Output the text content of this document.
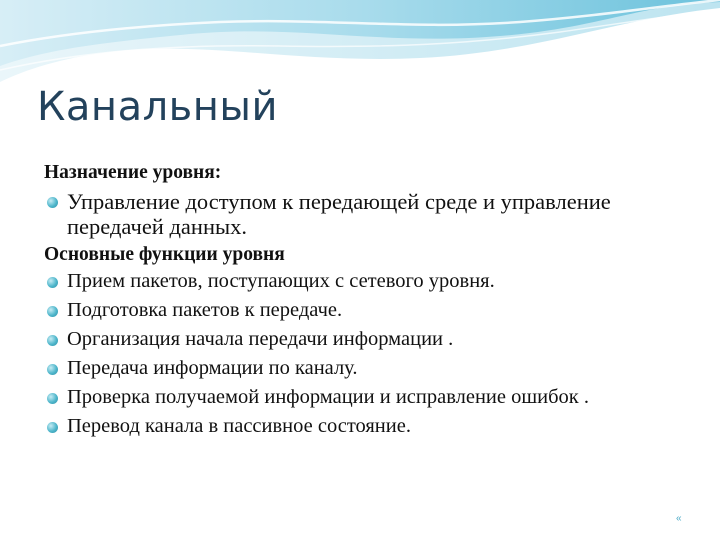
Канальный

Назначение уровня:

Управление доступом к передающей среде и управление передачей данных.

Основные функции уровня

Прием пакетов, поступающих с сетевого уровня.

Подготовка пакетов к передаче.

Организация начала передачи информации .

Передача информации по каналу.

Проверка получаемой информации и исправление ошибок .

Перевод канала в пассивное состояние.

«
